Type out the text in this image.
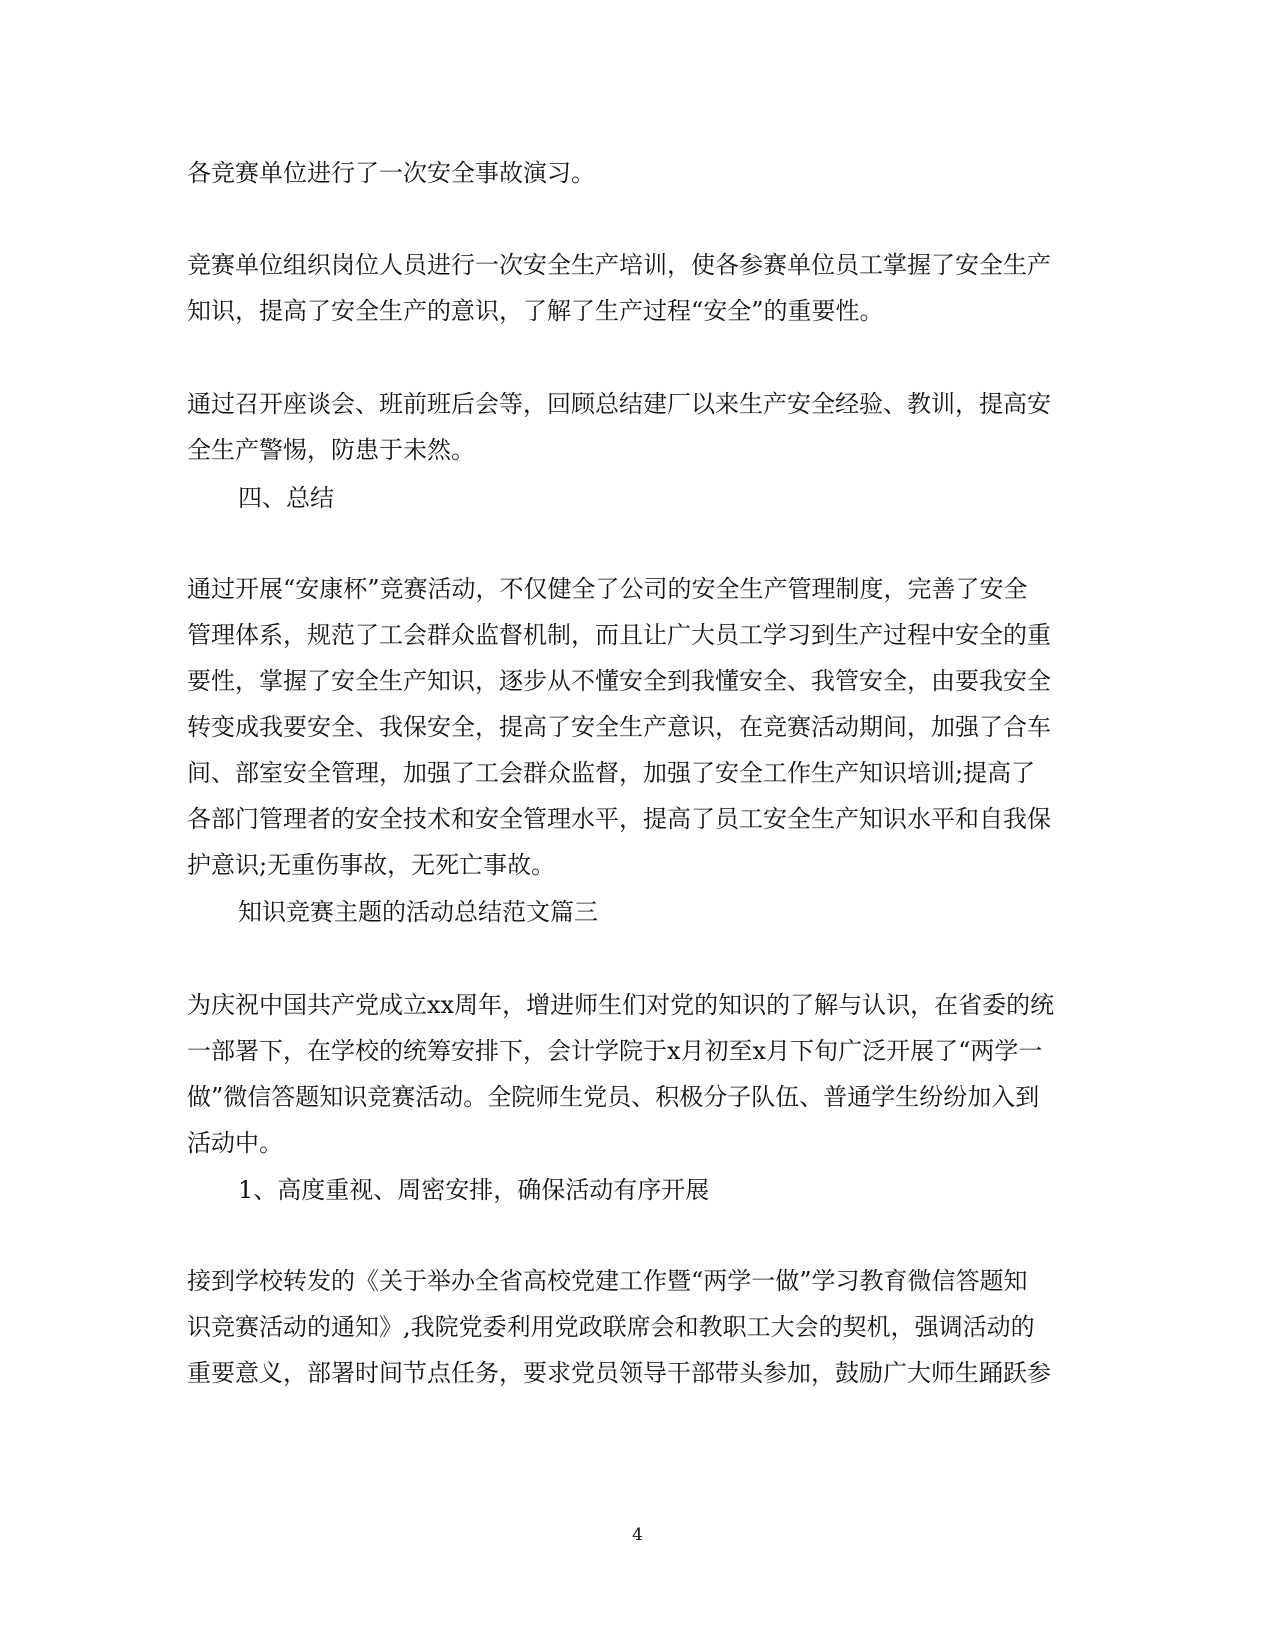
各竞赛单位进行了一次安全事故演习。
竞赛单位组织岗位人员进行一次安全生产培训，使各参赛单位员工掌握了安全生产
知识，提高了安全生产的意识，了解了生产过程“安全”的重要性。
通过召开座谈会、班前班后会等，回顾总结建厂以来生产安全经验、教训，提高安
全生产警惕，防患于未然。
四、总结
通过开展“安康杯”竞赛活动，不仅健全了公司的安全生产管理制度，完善了安全
管理体系，规范了工会群众监督机制，而且让广大员工学习到生产过程中安全的重
要性，掌握了安全生产知识，逐步从不懂安全到我懂安全、我管安全，由要我安全
转变成我要安全、我保安全，提高了安全生产意识，在竞赛活动期间，加强了合车
间、部室安全管理，加强了工会群众监督，加强了安全工作生产知识培训;提高了
各部门管理者的安全技术和安全管理水平，提高了员工安全生产知识水平和自我保
护意识;无重伤事故，无死亡事故。
知识竞赛主题的活动总结范文篇三
为庆祝中国共产党成立xx周年，增进师生们对党的知识的了解与认识，在省委的统
一部署下，在学校的统筹安排下，会计学院于x月初至x月下旬广泛开展了“两学一
做”微信答题知识竞赛活动。全院师生党员、积极分子队伍、普通学生纷纷加入到
活动中。
1、高度重视、周密安排，确保活动有序开展
接到学校转发的《关于举办全省高校党建工作暨“两学一做”学习教育微信答题知
识竞赛活动的通知》,我院党委利用党政联席会和教职工大会的契机，强调活动的
重要意义，部署时间节点任务，要求党员领导干部带头参加，鼓励广大师生踊跃参
4
